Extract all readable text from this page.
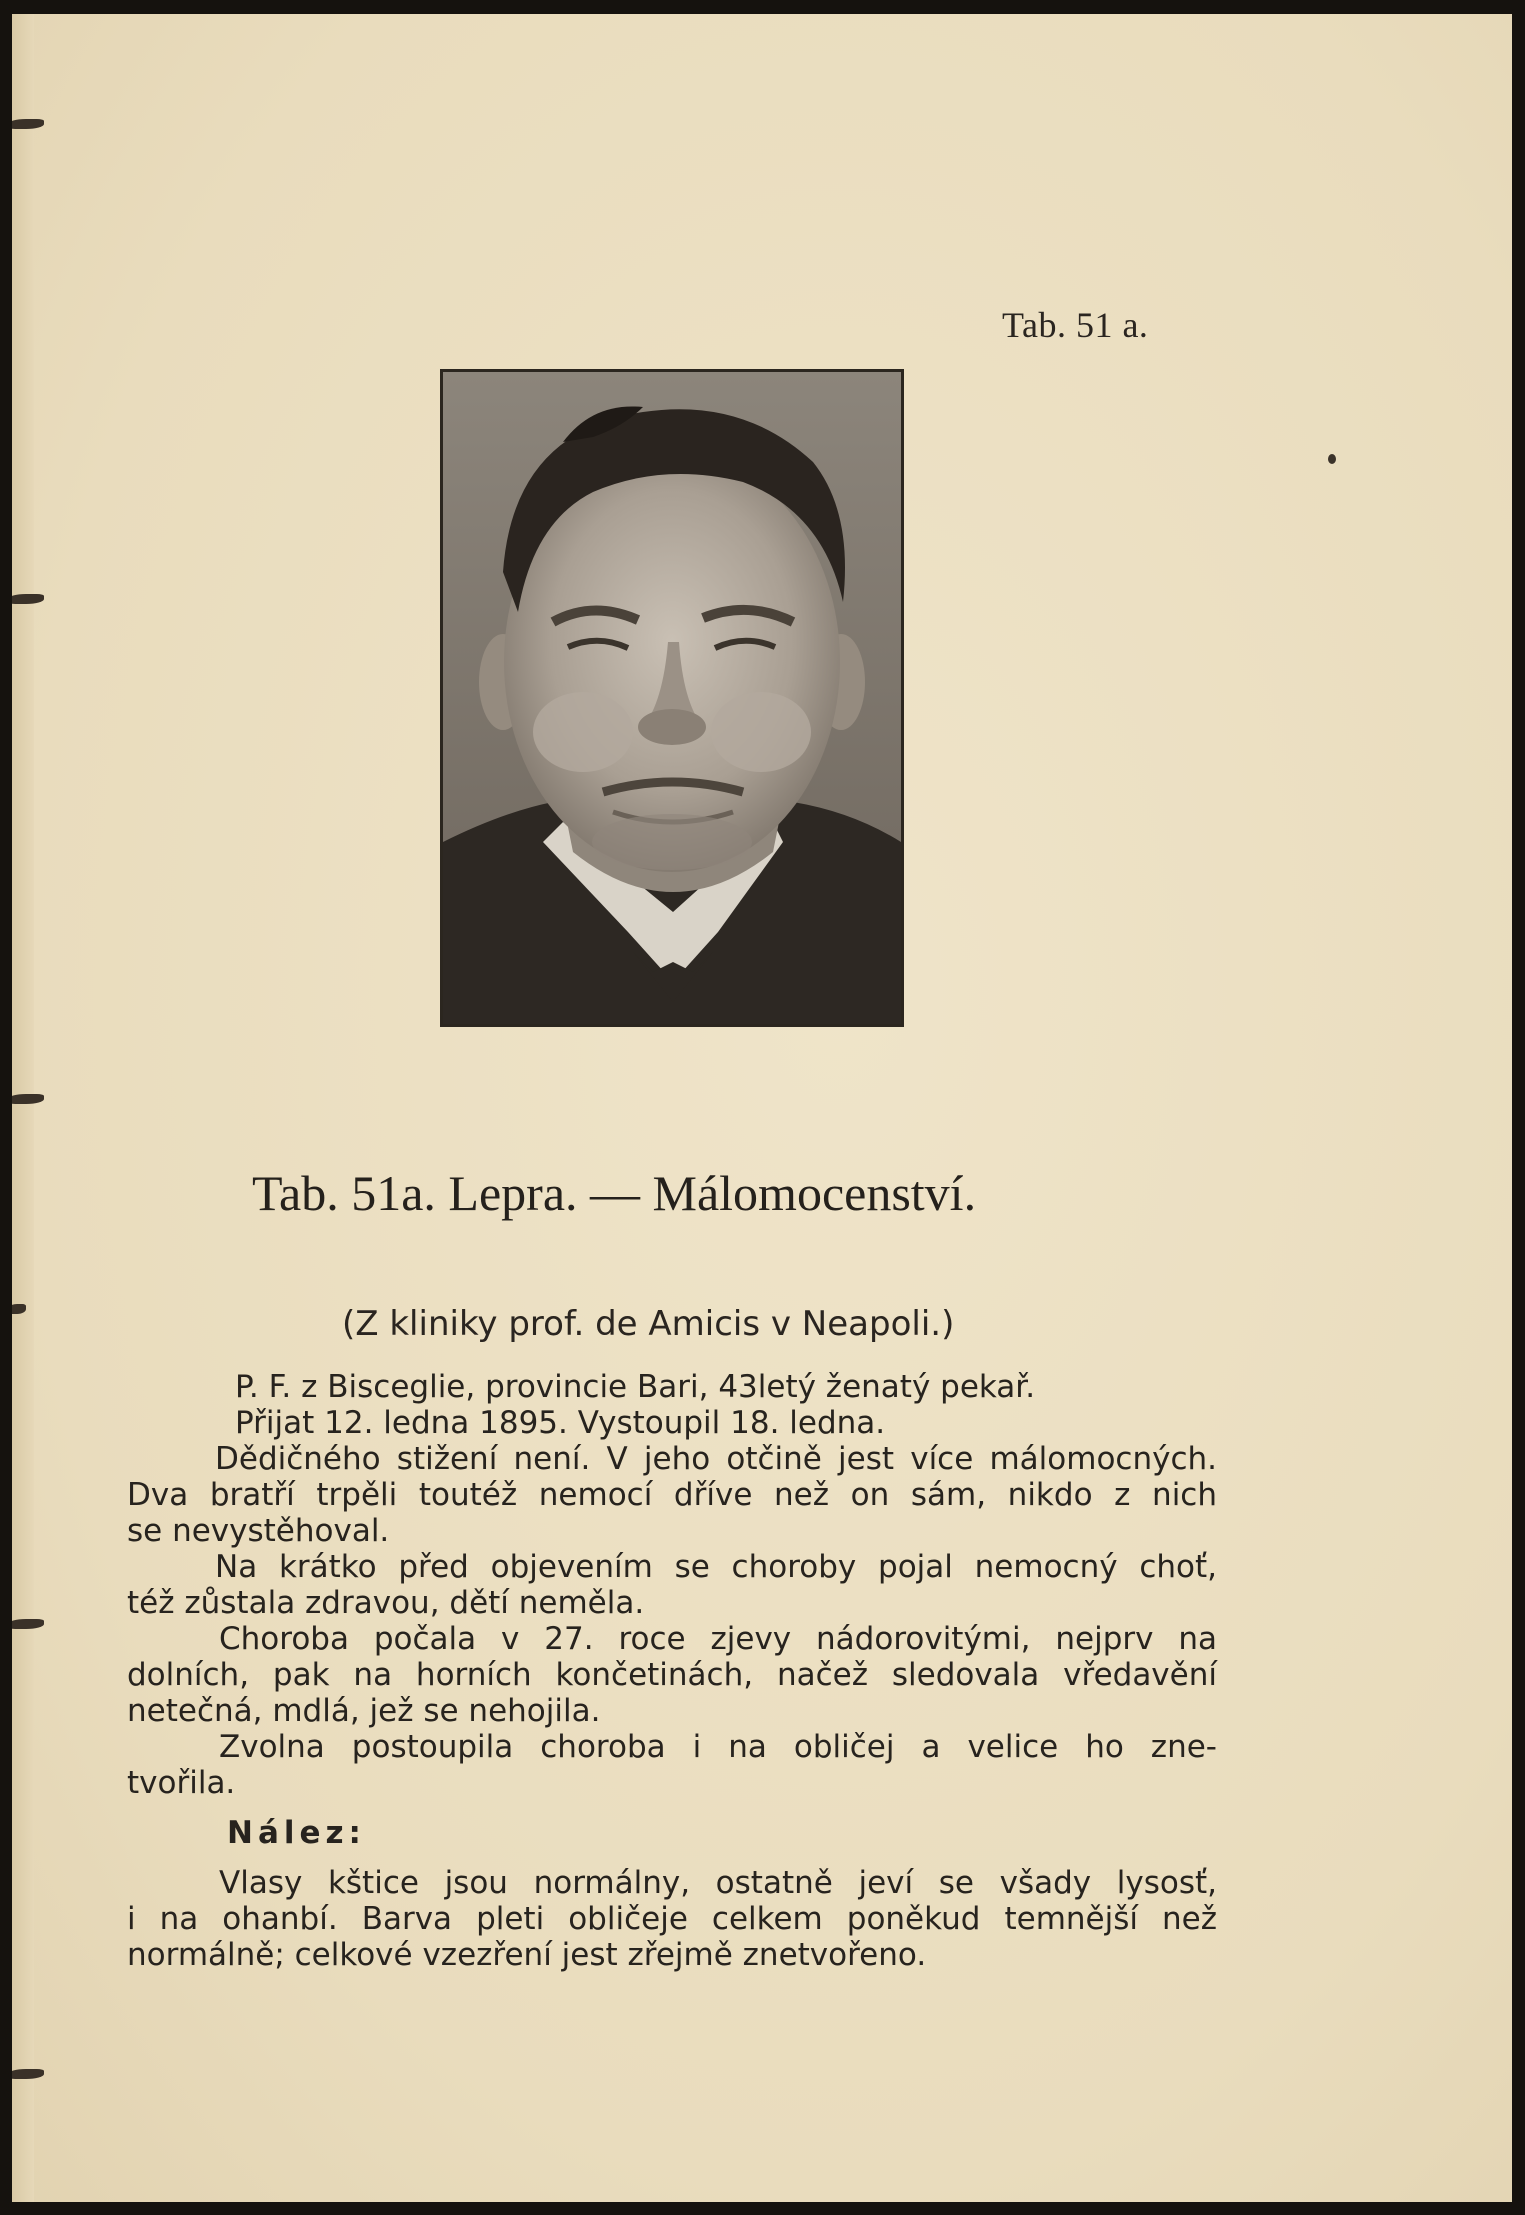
Tab. 51 a.
Tab. 51a. Lepra. — Málomocenství.
(Z kliniky prof. de Amicis v Neapoli.)
P. F. z Bisceglie, provincie Bari, 43letý ženatý pekař.
Přijat 12. ledna 1895. Vystoupil 18. ledna.
Dědičného stižení není. V jeho otčině jest více málomocných.
Dva bratří trpěli toutéž nemocí dříve než on sám, nikdo z nich
se nevystěhoval.
Na krátko před objevením se choroby pojal nemocný choť,
též zůstala zdravou, dětí neměla.
Choroba počala v 27. roce zjevy nádorovitými, nejprv na
dolních, pak na horních končetinách, načež sledovala vředavění
netečná, mdlá, jež se nehojila.
Zvolna postoupila choroba i na obličej a velice ho zne-
tvořila.
Nález:
Vlasy kštice jsou normálny, ostatně jeví se všady lysosť,
i na ohanbí. Barva pleti obličeje celkem poněkud temnější než
normálně; celkové vzezření jest zřejmě znetvořeno.
